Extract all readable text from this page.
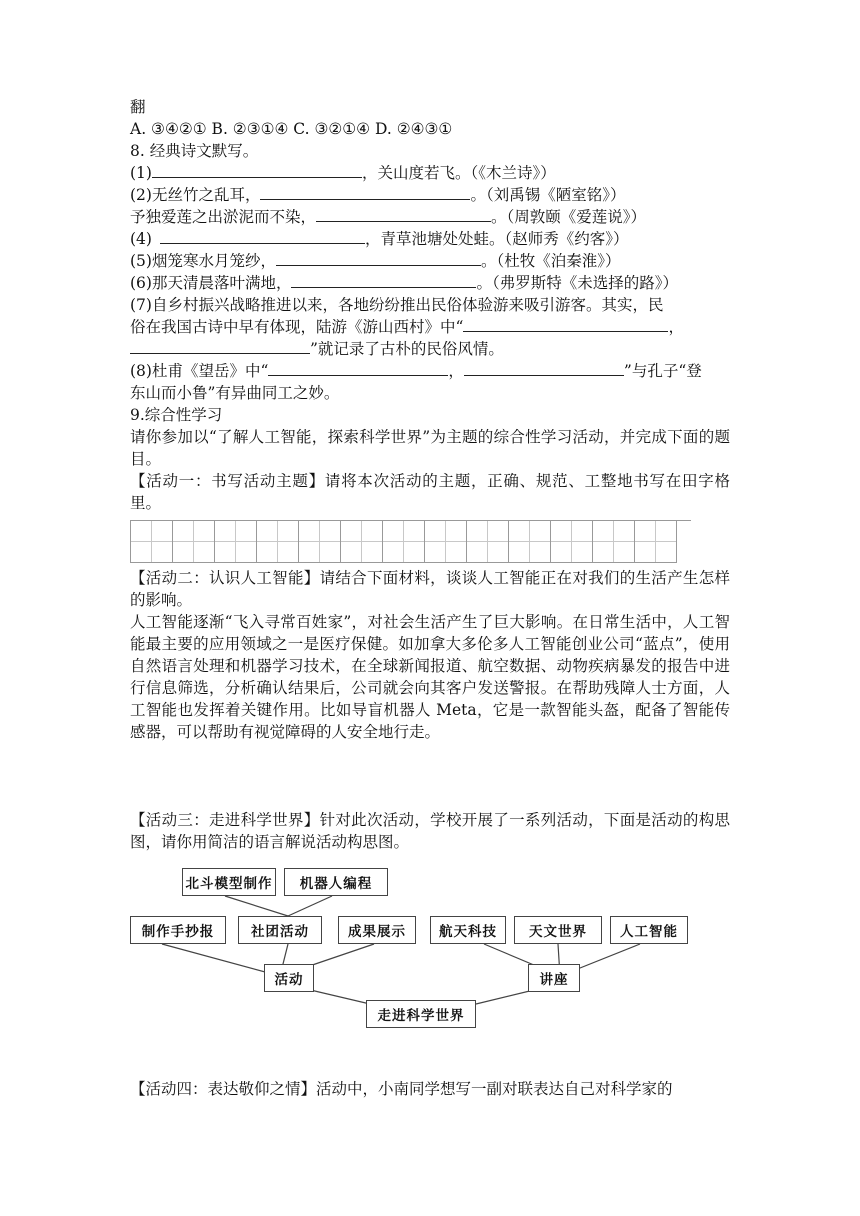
翻
A. ③④②① B. ②③①④ C. ③②①④ D. ②④③①
8. 经典诗文默写。
(1)	，关山度若飞。（《木兰诗》）
(2)无丝竹之乱耳，	。（刘禹锡《陋室铭》）
予独爱莲之出淤泥而不染，	。（周敦颐《爱莲说》）
(4)	，青草池塘处处蛙。（赵师秀《约客》）
(5)烟笼寒水月笼纱，	。（杜牧《泊秦淮》）
(6)那天清晨落叶满地，	。（弗罗斯特《未选择的路》）
(7)自乡村振兴战略推进以来，各地纷纷推出民俗体验游来吸引游客。其实，民
俗在我国古诗中早有体现，陆游《游山西村》中“	，
”就记录了古朴的民俗风情。
(8)杜甫《望岳》中“	，	”与孔子“登
东山而小鲁”有异曲同工之妙。
9.综合性学习
请你参加以“了解人工智能，探索科学世界”为主题的综合性学习活动，并完成下面的题目。
【活动一：书写活动主题】请将本次活动的主题，正确、规范、工整地书写在田字格里。
【活动二：认识人工智能】请结合下面材料，谈谈人工智能正在对我们的生活产生怎样的影响。
人工智能逐渐“飞入寻常百姓家”，对社会生活产生了巨大影响。在日常生活中，人工智能最主要的应用领域之一是医疗保健。如加拿大多伦多人工智能创业公司“蓝点”，使用自然语言处理和机器学习技术，在全球新闻报道、航空数据、动物疾病暴发的报告中进行信息筛选，分析确认结果后，公司就会向其客户发送警报。在帮助残障人士方面，人工智能也发挥着关键作用。比如导盲机器人 Meta，它是一款智能头盔，配备了智能传感器，可以帮助有视觉障碍的人安全地行走。
【活动三：走进科学世界】针对此次活动，学校开展了一系列活动，下面是活动的构思图，请你用简洁的语言解说活动构思图。
北斗模型制作	机器人编程
制作手抄报	社团活动	成果展示	航天科技	天文世界	人工智能
活动	讲座
走进科学世界
【活动四：表达敬仰之情】活动中，小南同学想写一副对联表达自己对科学家的
